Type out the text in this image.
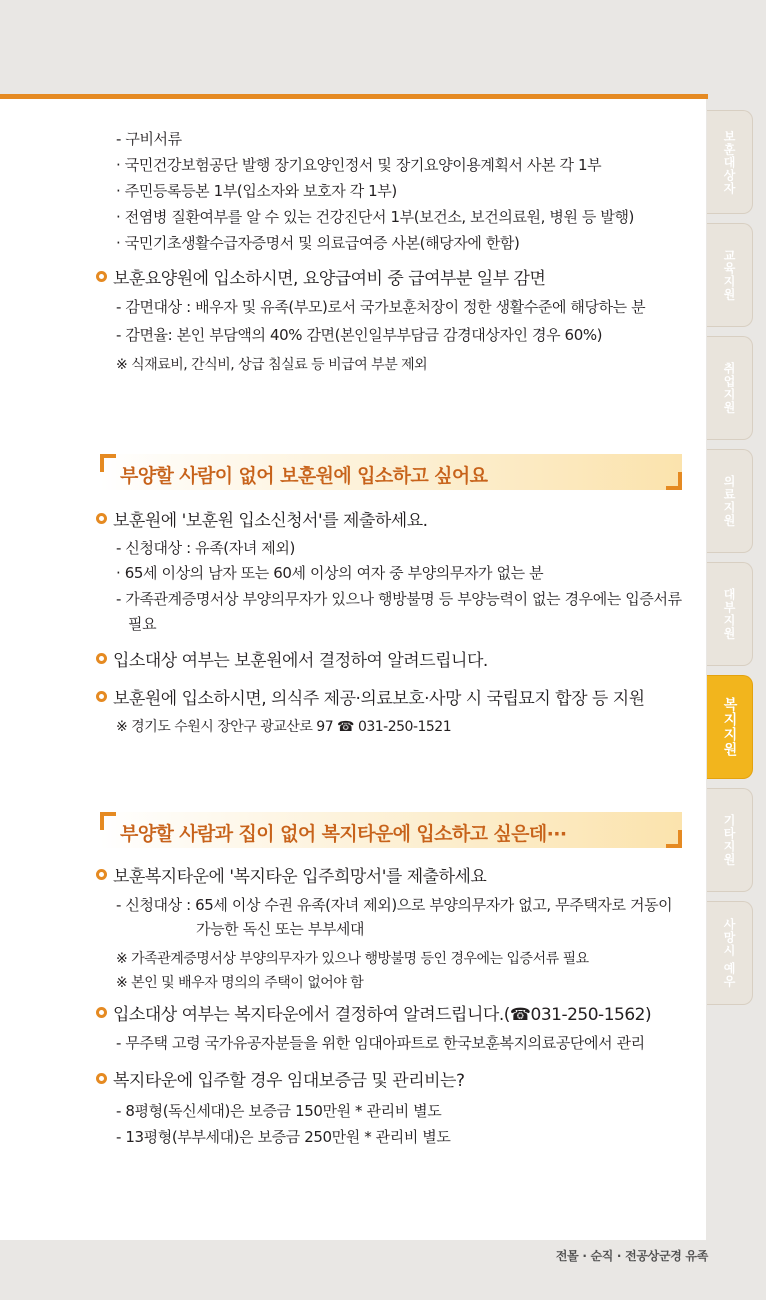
보훈대상자
교육지원
취업지원
의료지원
대부지원
복지지원
기타지원
사망시 예우
- 구비서류
· 국민건강보험공단 발행 장기요양인정서 및 장기요양이용계획서 사본 각 1부
· 주민등록등본 1부(입소자와 보호자 각 1부)
· 전염병 질환여부를 알 수 있는 건강진단서 1부(보건소, 보건의료원, 병원 등 발행)
· 국민기초생활수급자증명서 및 의료급여증 사본(해당자에 한함)
보훈요양원에 입소하시면, 요양급여비 중 급여부분 일부 감면
- 감면대상 : 배우자 및 유족(부모)로서 국가보훈처장이 정한 생활수준에 해당하는 분
- 감면율: 본인 부담액의 40% 감면(본인일부부담금 감경대상자인 경우 60%)
※ 식재료비, 간식비, 상급 침실료 등 비급여 부분 제외
부양할 사람이 없어 보훈원에 입소하고 싶어요
보훈원에 '보훈원 입소신청서'를 제출하세요.
- 신청대상 : 유족(자녀 제외)
· 65세 이상의 남자 또는 60세 이상의 여자 중 부양의무자가 없는 분
- 가족관계증명서상 부양의무자가 있으나 행방불명 등 부양능력이 없는 경우에는 입증서류
필요
입소대상 여부는 보훈원에서 결정하여 알려드립니다.
보훈원에 입소하시면, 의식주 제공·의료보호·사망 시 국립묘지 합장 등 지원
※ 경기도 수원시 장안구 광교산로 97 ☎ 031-250-1521
부양할 사람과 집이 없어 복지타운에 입소하고 싶은데···
보훈복지타운에 '복지타운 입주희망서'를 제출하세요
- 신청대상 : 65세 이상 수권 유족(자녀 제외)으로 부양의무자가 없고, 무주택자로 거동이
가능한 독신 또는 부부세대
※ 가족관계증명서상 부양의무자가 있으나 행방불명 등인 경우에는 입증서류 필요
※ 본인 및 배우자 명의의 주택이 없어야 함
입소대상 여부는 복지타운에서 결정하여 알려드립니다.(☎031-250-1562)
- 무주택 고령 국가유공자분들을 위한 임대아파트로 한국보훈복지의료공단에서 관리
복지타운에 입주할 경우 임대보증금 및 관리비는?
- 8평형(독신세대)은 보증금 150만원 * 관리비 별도
- 13평형(부부세대)은 보증금 250만원 * 관리비 별도
전몰 · 순직 · 전공상군경 유족
